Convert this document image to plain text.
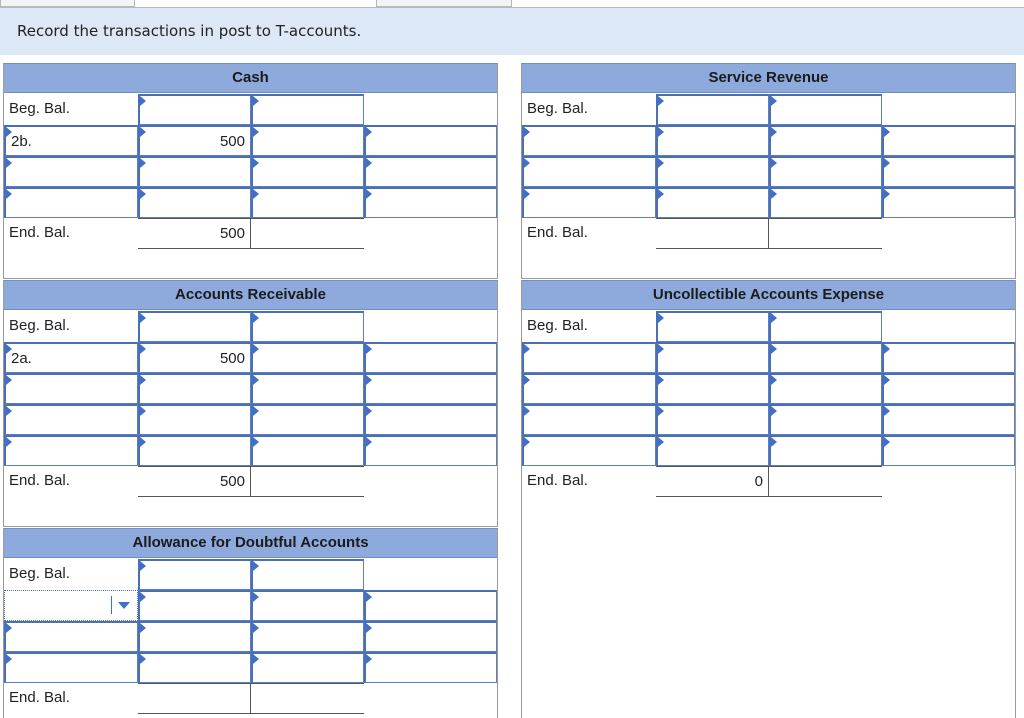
Record the transactions in post to T-accounts.
Cash
Beg. Bal.
2b.	500
End. Bal.	500
Service Revenue
Beg. Bal.
End. Bal.
Accounts Receivable
Beg. Bal.
2a.	500
End. Bal.	500
Uncollectible Accounts Expense
Beg. Bal.
End. Bal.	0
Allowance for Doubtful Accounts
Beg. Bal.
End. Bal.
